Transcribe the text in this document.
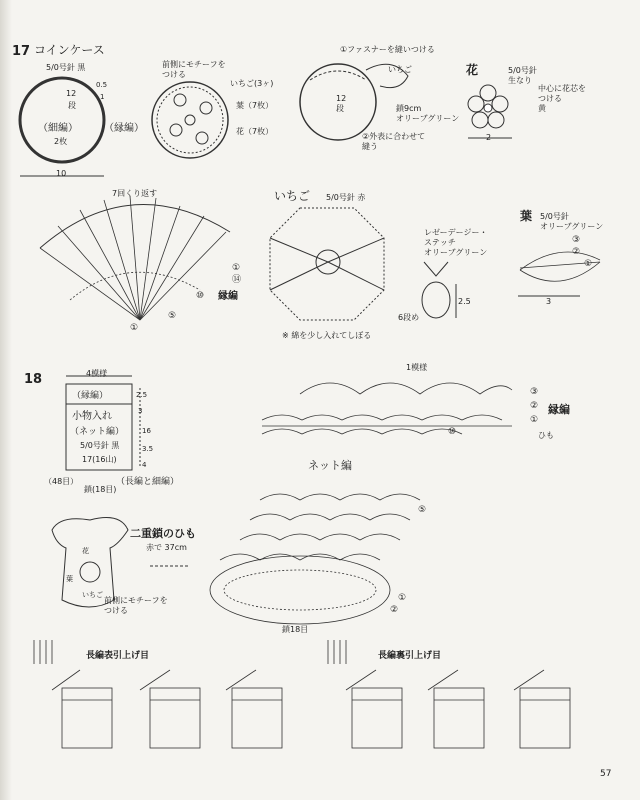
17 コインケース
5/0号針 黒
（細編）
2枚
（縁編）
10
0.5
1
12
段
前側にモチーフを
つける
いちご(3ヶ)
葉（7枚）
花（7枚）
①ファスナーを縫いつける
いちご
鎖9cm
オリーブグリーン
12
段
②外表に合わせて
縫う
花	5/0号針
生なり
中心に花芯を
つける
黄
2
7回くり返す
縁編
①
⑭
⑩
⑤
①
いちご 5/0号針 赤
レゼーデージー・
ステッチ
オリーブグリーン
2.5
6段め
※ 綿を少し入れてしぼる
葉 5/0号針
オリーブグリーン
③
②
①
3
18	4模様
（縁編）
小物入れ
（ネット編）
5/0号針 黒
17(16山)
（48目）
鎖(18目)
（長編と細編）
2.5
3
16
3.5
4
二重鎖のひも
赤で 37cm
前側にモチーフを
つける
花
葉
いちご
1模様
縁編
ネット編
ひも
鎖18目
③
②
①
⑩
⑤
①
②
長編表引上げ目	長編裏引上げ目
57
